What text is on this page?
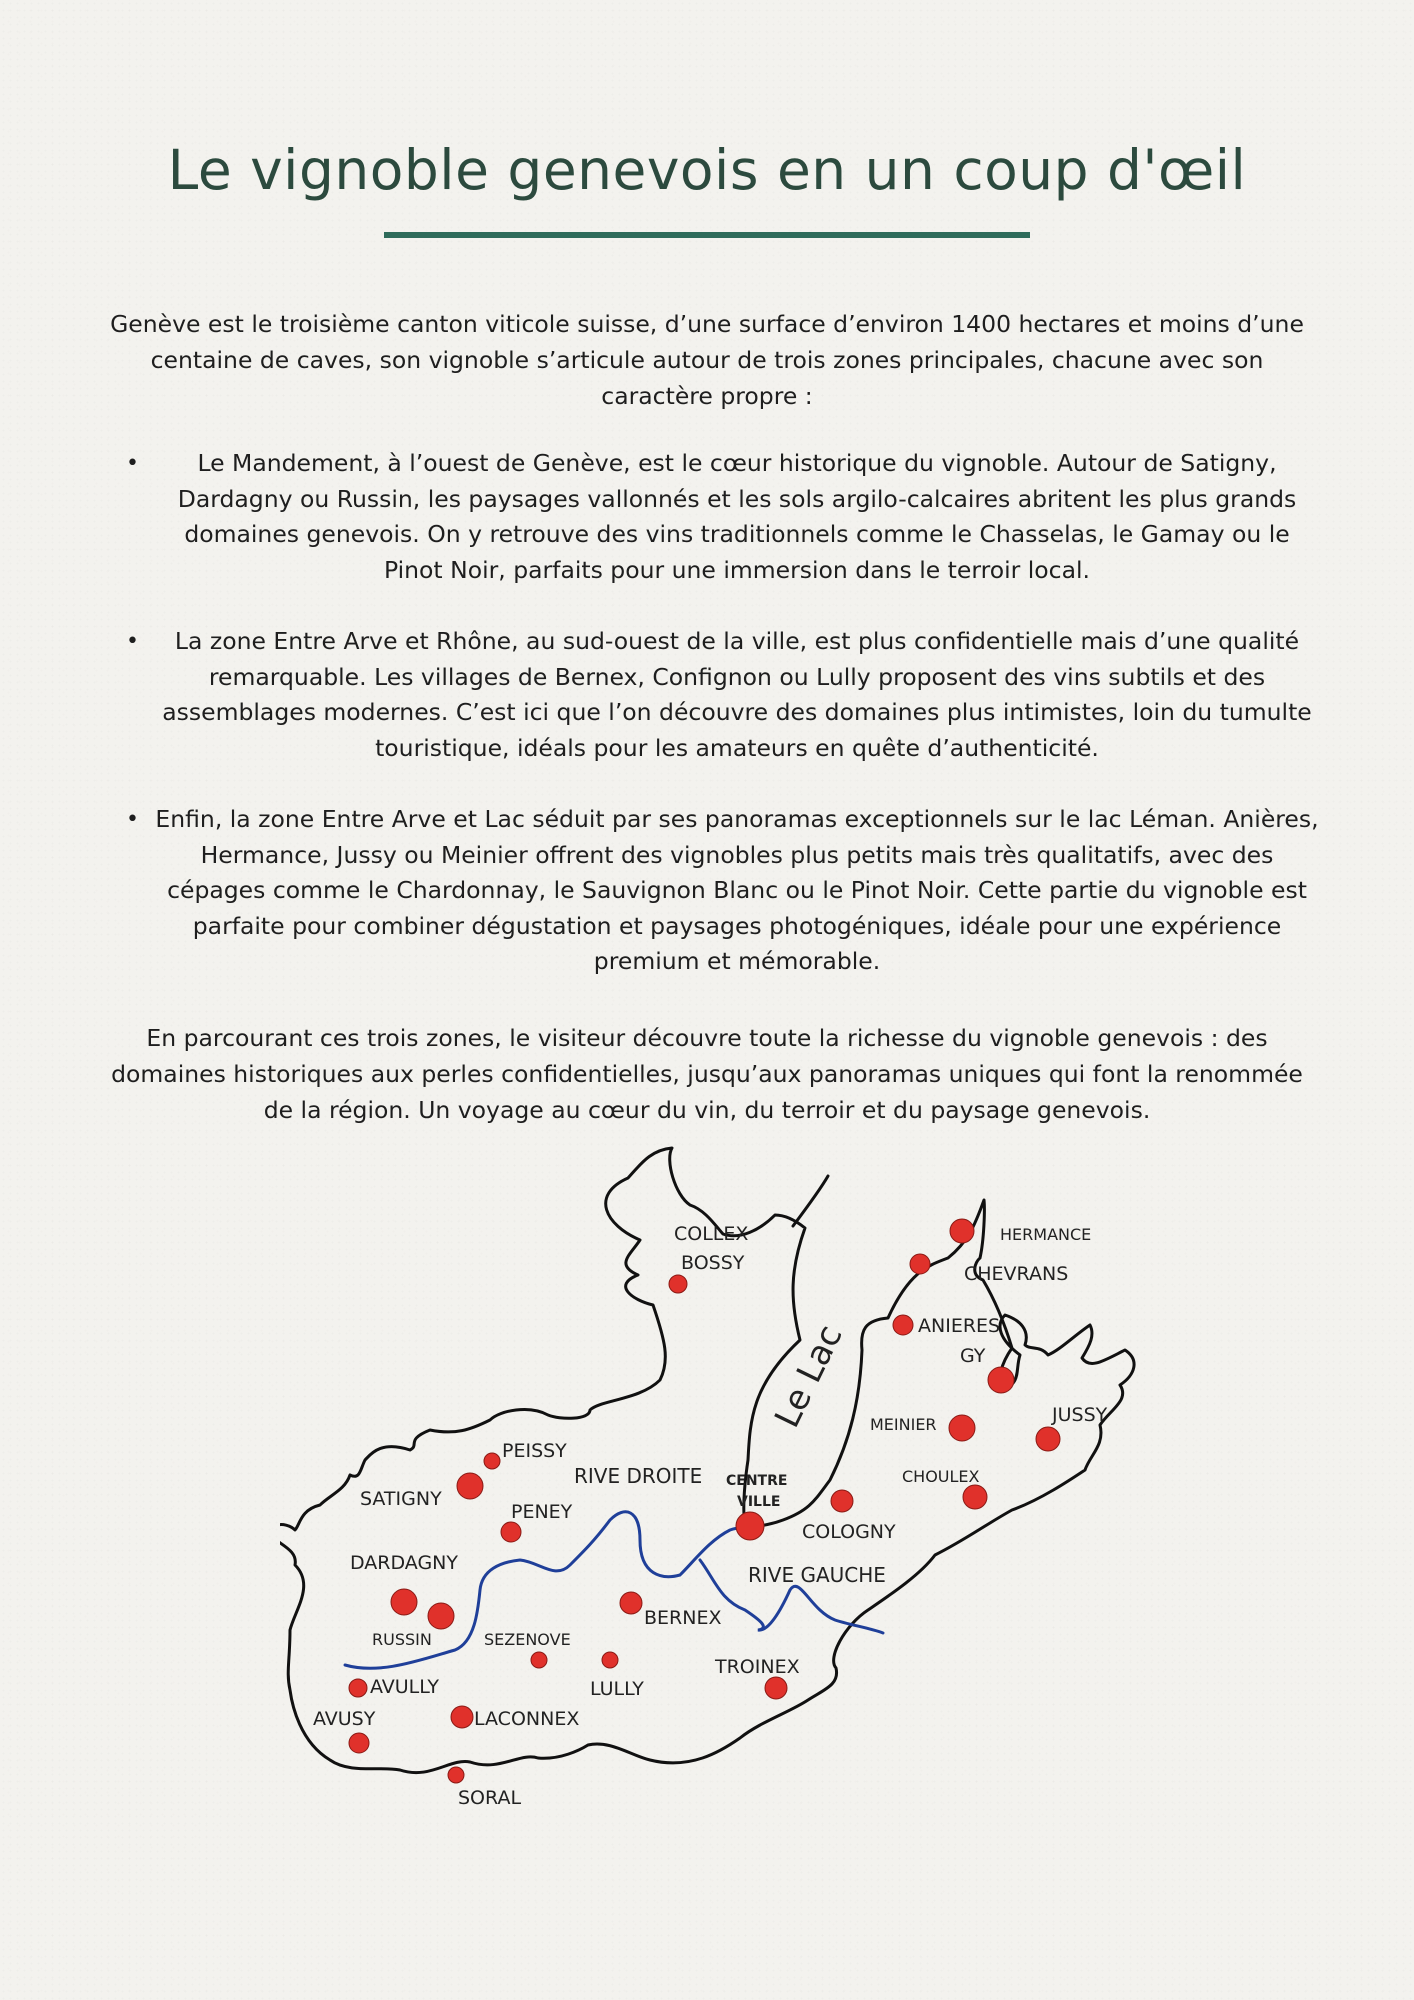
Le vignoble genevois en un coup d'œil

Genève est le troisième canton viticole suisse, d’une surface d’environ 1400 hectares et moins d’une centaine de caves, son vignoble s’articule autour de trois zones principales, chacune avec son caractère propre :

• Le Mandement, à l’ouest de Genève, est le cœur historique du vignoble. Autour de Satigny, Dardagny ou Russin, les paysages vallonnés et les sols argilo-calcaires abritent les plus grands domaines genevois. On y retrouve des vins traditionnels comme le Chasselas, le Gamay ou le Pinot Noir, parfaits pour une immersion dans le terroir local.
• La zone Entre Arve et Rhône, au sud-ouest de la ville, est plus confidentielle mais d’une qualité remarquable. Les villages de Bernex, Confignon ou Lully proposent des vins subtils et des assemblages modernes. C’est ici que l’on découvre des domaines plus intimistes, loin du tumulte touristique, idéals pour les amateurs en quête d’authenticité.
• Enfin, la zone Entre Arve et Lac séduit par ses panoramas exceptionnels sur le lac Léman. Anières, Hermance, Jussy ou Meinier offrent des vignobles plus petits mais très qualitatifs, avec des cépages comme le Chardonnay, le Sauvignon Blanc ou le Pinot Noir. Cette partie du vignoble est parfaite pour combiner dégustation et paysages photogéniques, idéale pour une expérience premium et mémorable.

En parcourant ces trois zones, le visiteur découvre toute la richesse du vignoble genevois : des domaines historiques aux perles confidentielles, jusqu’aux panoramas uniques qui font la renommée de la région. Un voyage au cœur du vin, du terroir et du paysage genevois.

Le Lac
RIVE DROITE
RIVE GAUCHE
CENTRE
VILLE
COLLEX
BOSSY
HERMANCE
CHEVRANS
ANIERES
GY
MEINIER	JUSSY
CHOULEX
COLOGNY
PEISSY
SATIGNY
PENEY
DARDAGNY
RUSSIN	SEZENOVE
BERNEX
AVULLY	LULLY
TROINEX
AVUSY	LACONNEX
SORAL
